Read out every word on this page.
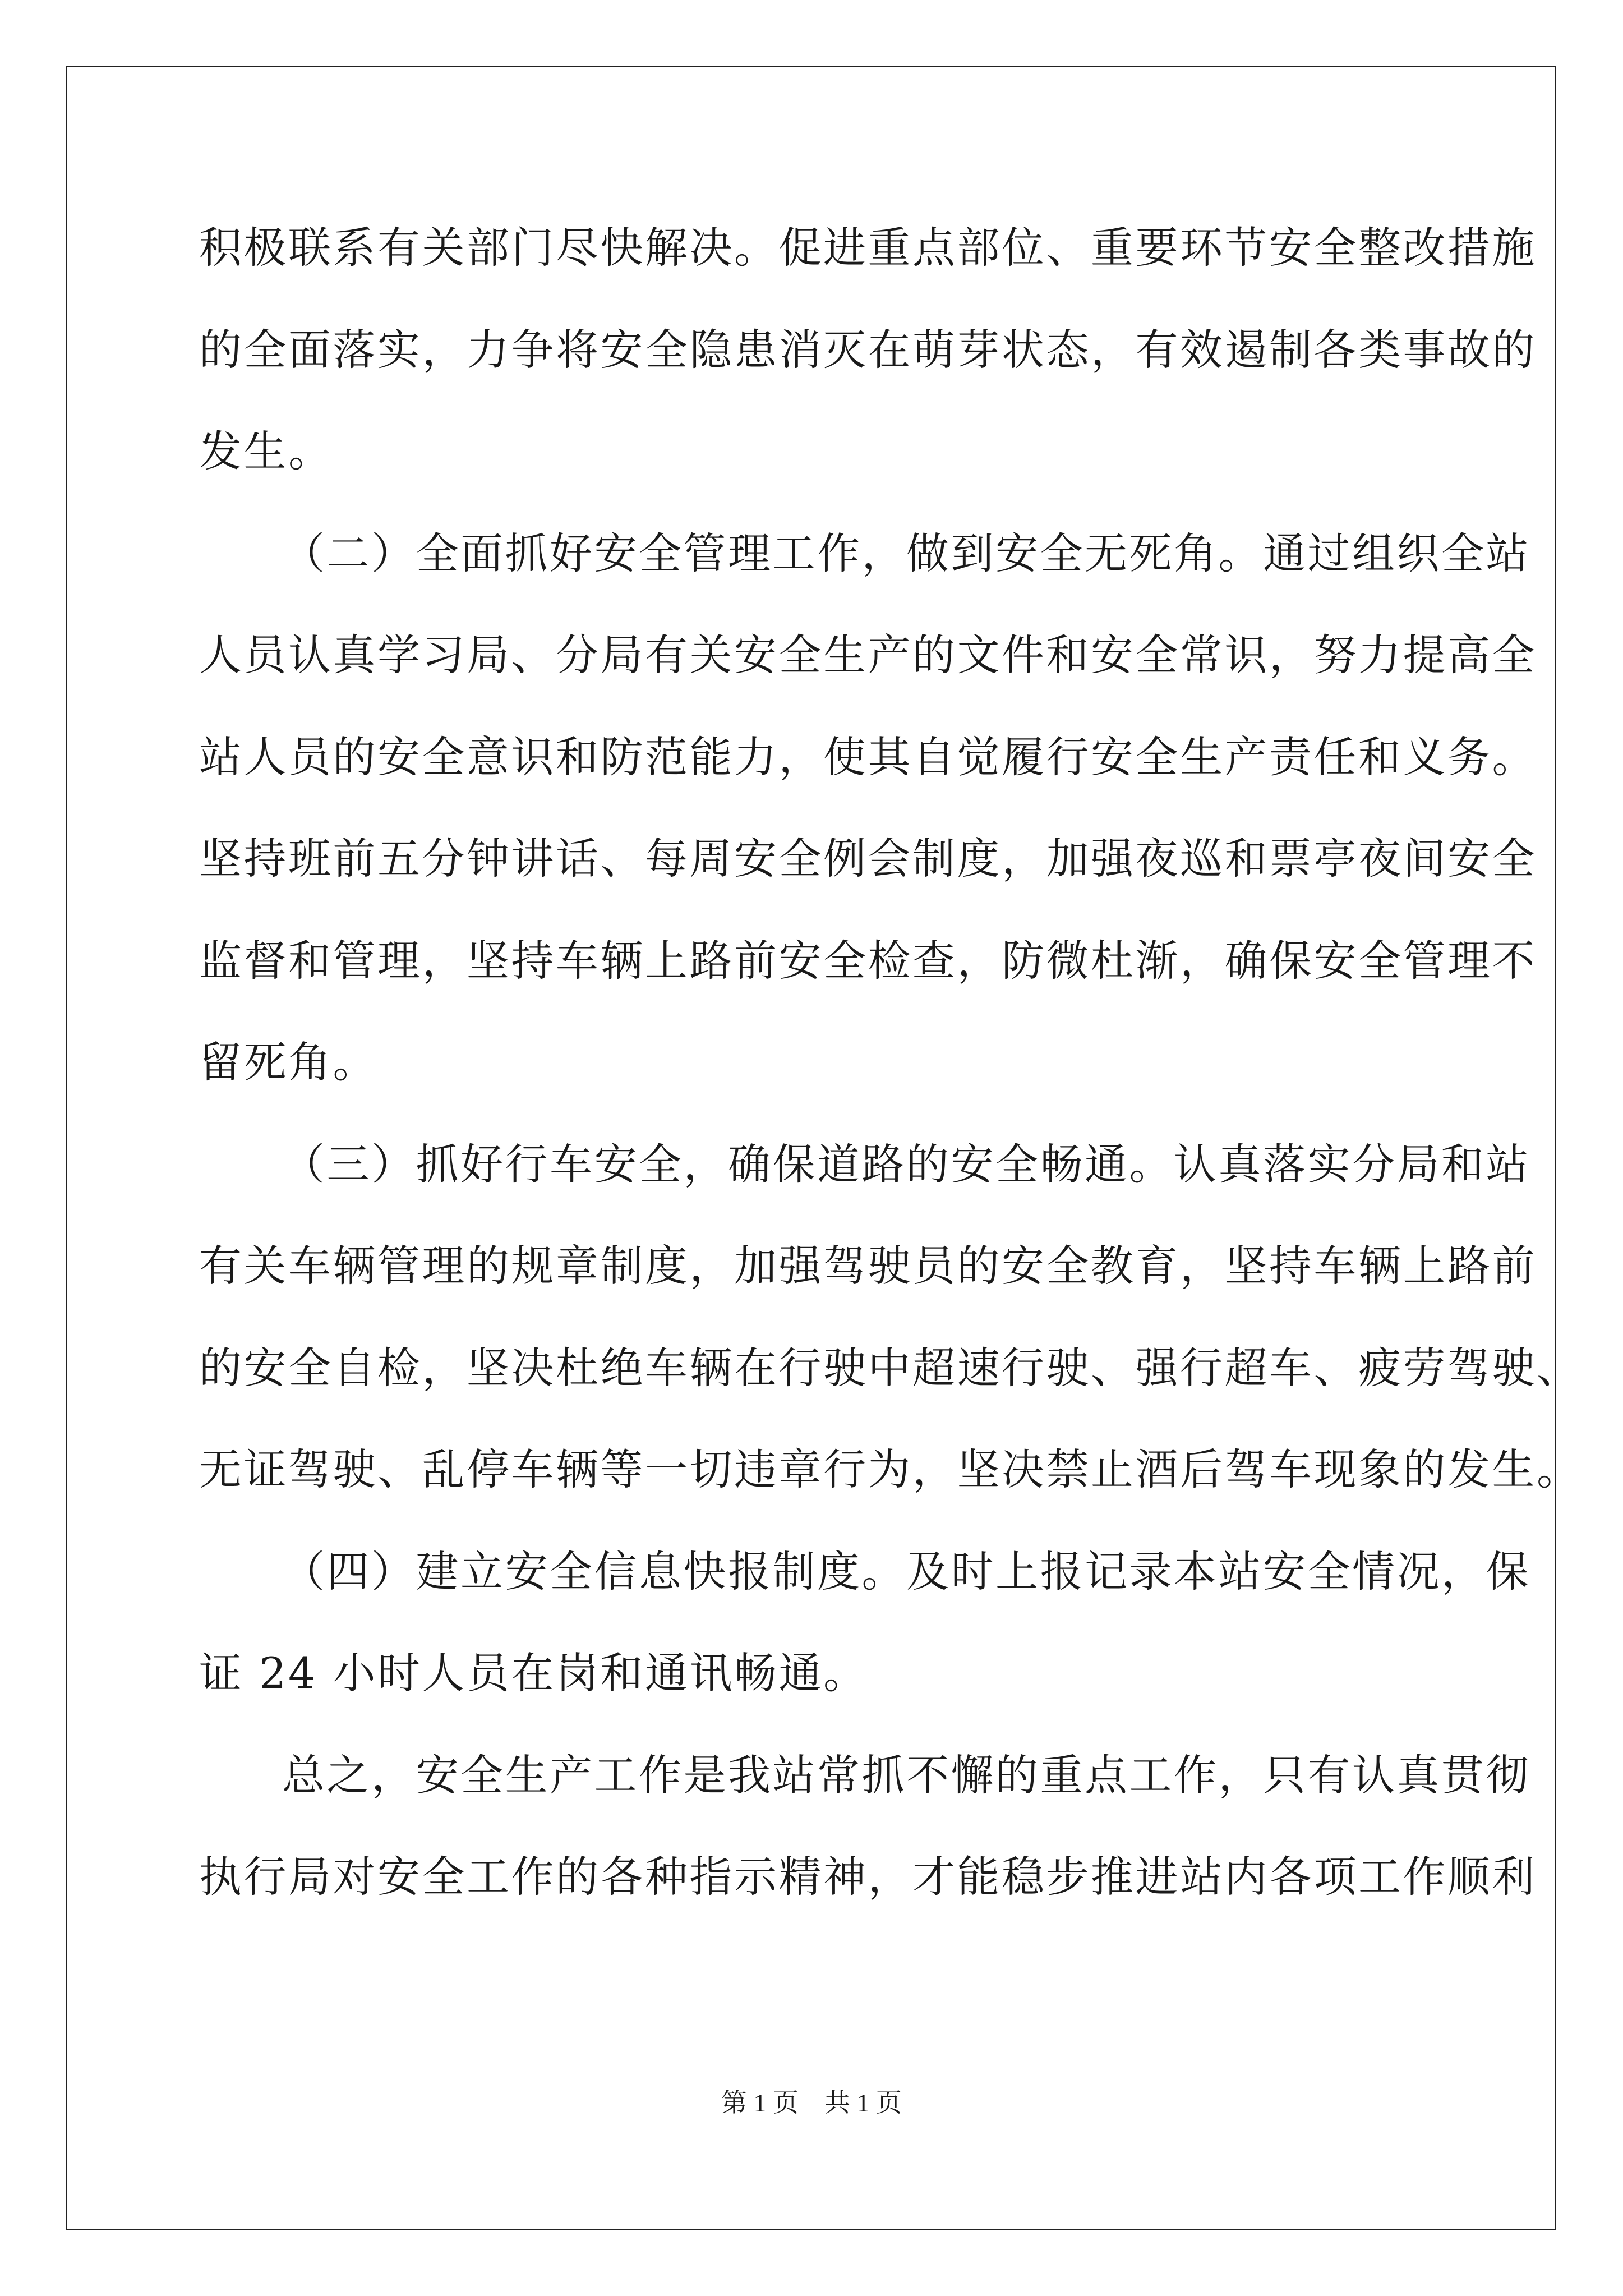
积极联系有关部门尽快解决。促进重点部位、重要环节安全整改措施
的全面落实，力争将安全隐患消灭在萌芽状态，有效遏制各类事故的
发生。
（二）全面抓好安全管理工作，做到安全无死角。通过组织全站
人员认真学习局、分局有关安全生产的文件和安全常识，努力提高全
站人员的安全意识和防范能力，使其自觉履行安全生产责任和义务。
坚持班前五分钟讲话、每周安全例会制度，加强夜巡和票亭夜间安全
监督和管理，坚持车辆上路前安全检查，防微杜渐，确保安全管理不
留死角。
（三）抓好行车安全，确保道路的安全畅通。认真落实分局和站
有关车辆管理的规章制度，加强驾驶员的安全教育，坚持车辆上路前
的安全自检，坚决杜绝车辆在行驶中超速行驶、强行超车、疲劳驾驶、
无证驾驶、乱停车辆等一切违章行为，坚决禁止酒后驾车现象的发生。
（四）建立安全信息快报制度。及时上报记录本站安全情况，保
证 24 小时人员在岗和通讯畅通。
总之，安全生产工作是我站常抓不懈的重点工作，只有认真贯彻
执行局对安全工作的各种指示精神，才能稳步推进站内各项工作顺利
第 1 页    共 1 页
